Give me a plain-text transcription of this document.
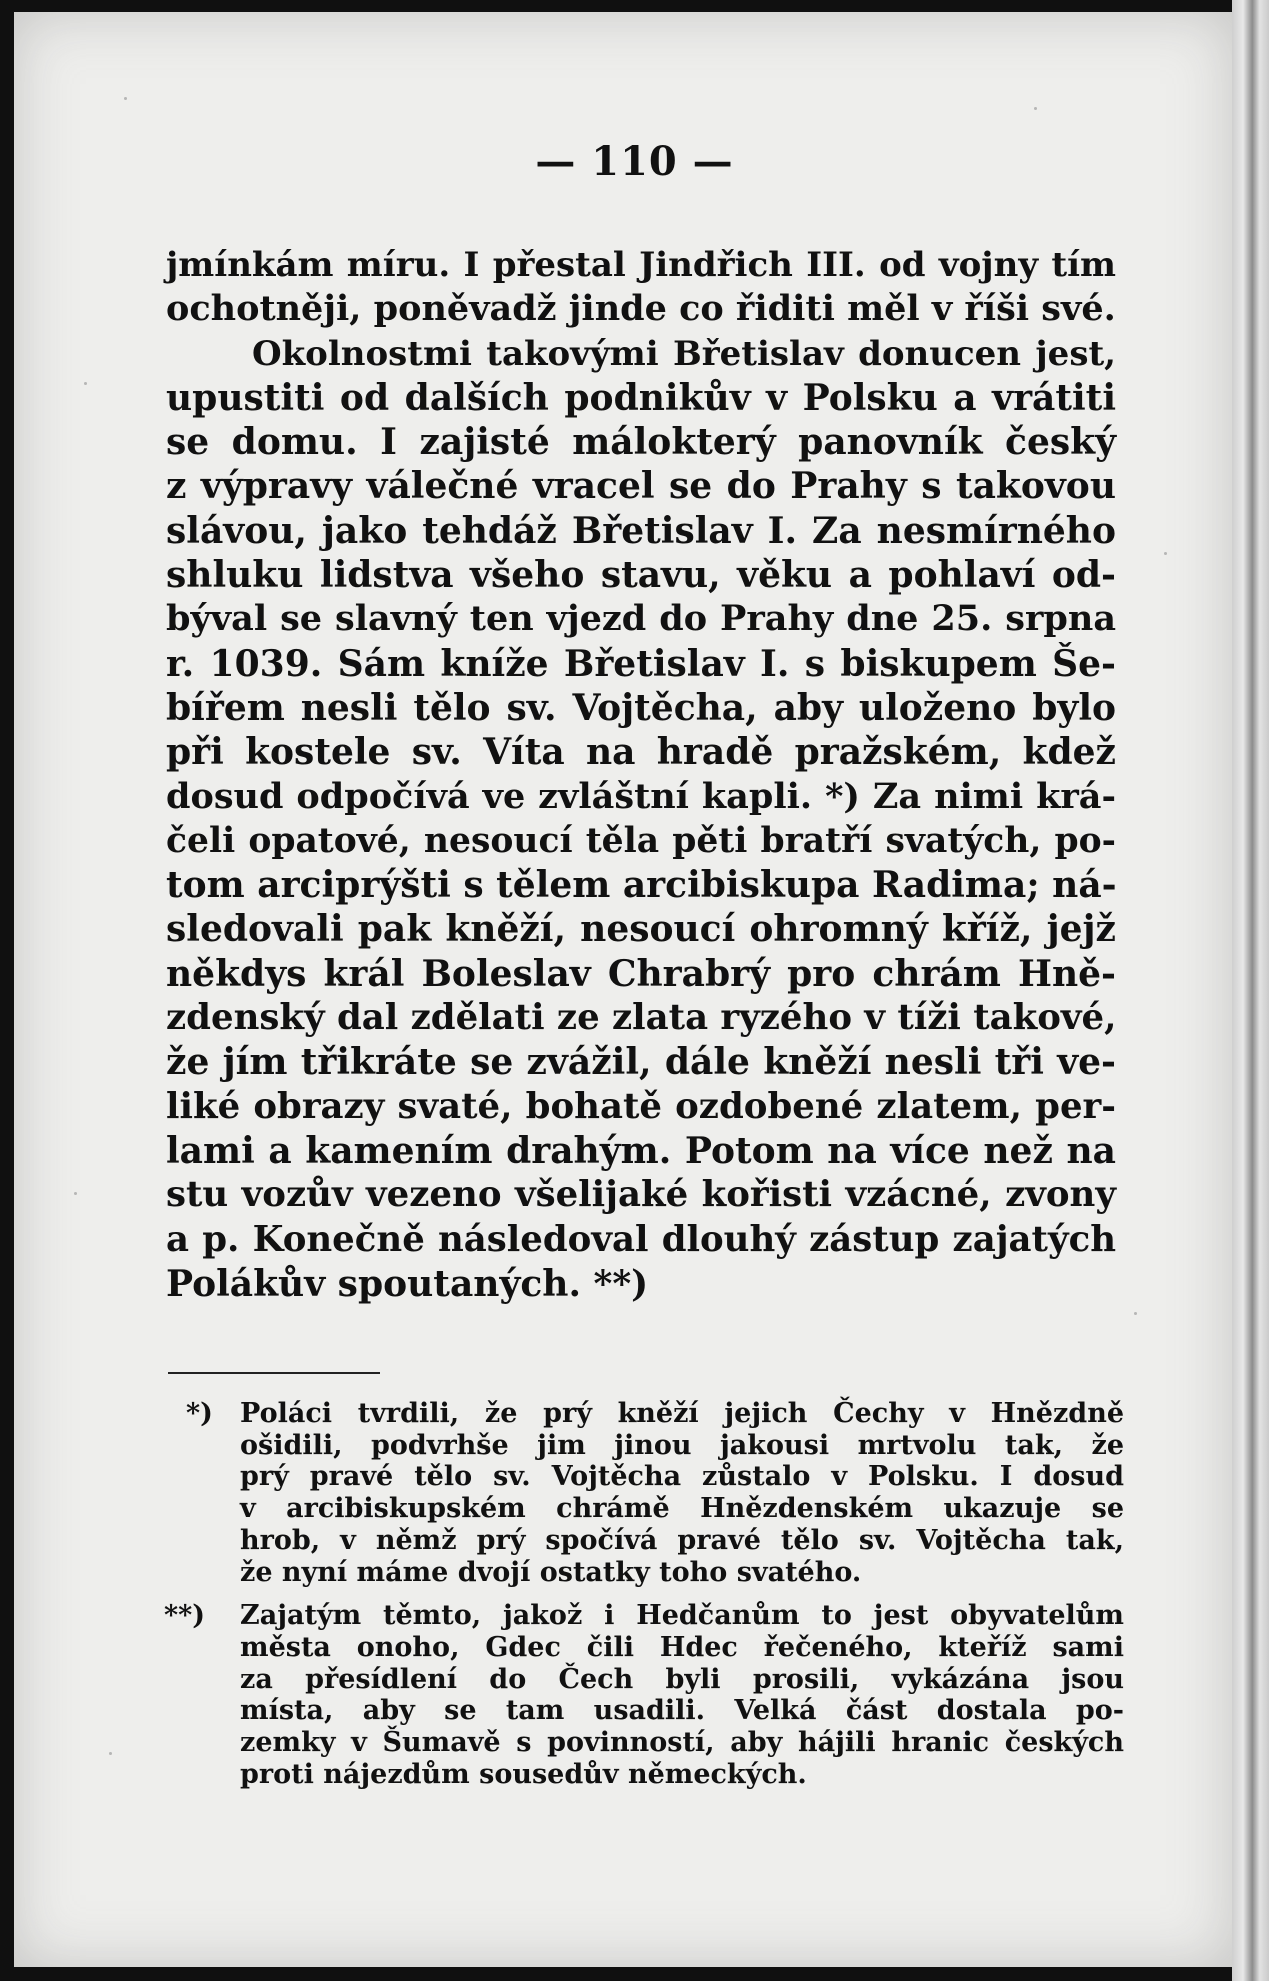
— 110 —
jmínkám míru. I přestal Jindřich III. od vojny tím
ochotněji, poněvadž jinde co řiditi měl v říši své.
Okolnostmi takovými Břetislav donucen jest,
upustiti od dalších podnikův v Polsku a vrátiti
se domu. I zajisté málokterý panovník český
z výpravy válečné vracel se do Prahy s takovou
slávou, jako tehdáž Břetislav I. Za nesmírného
shluku lidstva všeho stavu, věku a pohlaví od-
býval se slavný ten vjezd do Prahy dne 25. srpna
r. 1039. Sám kníže Břetislav I. s biskupem Še-
bířem nesli tělo sv. Vojtěcha, aby uloženo bylo
při kostele sv. Víta na hradě pražském, kdež
dosud odpočívá ve zvláštní kapli. *) Za nimi krá-
čeli opatové, nesoucí těla pěti bratří svatých, po-
tom arciprýšti s tělem arcibiskupa Radima; ná-
sledovali pak kněží, nesoucí ohromný kříž, jejž
někdys král Boleslav Chrabrý pro chrám Hně-
zdenský dal zdělati ze zlata ryzého v tíži takové,
že jím třikráte se zvážil, dále kněží nesli tři ve-
liké obrazy svaté, bohatě ozdobené zlatem, per-
lami a kamením drahým. Potom na více než na
stu vozův vezeno všelijaké kořisti vzácné, zvony
a p. Konečně následoval dlouhý zástup zajatých
Polákův spoutaných. **)
*) Poláci tvrdili, že prý kněží jejich Čechy v Hnězdně
ošidili, podvrhše jim jinou jakousi mrtvolu tak, že
prý pravé tělo sv. Vojtěcha zůstalo v Polsku. I dosud
v arcibiskupském chrámě Hnězdenském ukazuje se
hrob, v němž prý spočívá pravé tělo sv. Vojtěcha tak,
že nyní máme dvojí ostatky toho svatého.
**) Zajatým těmto, jakož i Hedčanům to jest obyvatelům
města onoho, Gdec čili Hdec řečeného, kteříž sami
za přesídlení do Čech byli prosili, vykázána jsou
místa, aby se tam usadili. Velká část dostala po-
zemky v Šumavě s povinností, aby hájili hranic českých
proti nájezdům sousedův německých.
